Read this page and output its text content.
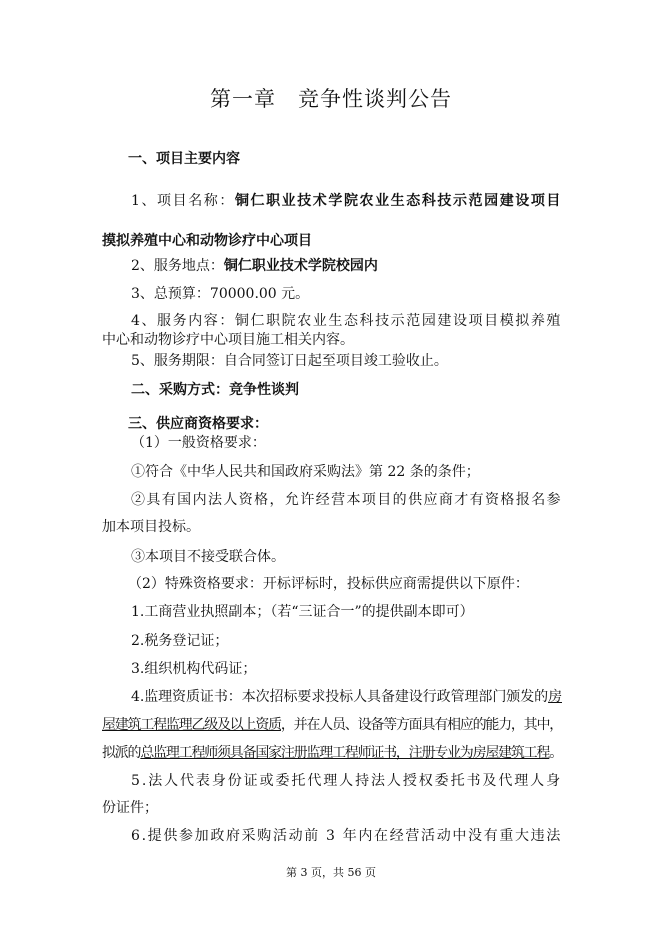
第一章　竞争性谈判公告
一、项目主要内容
1、项目名称：铜仁职业技术学院农业生态科技示范园建设项目
摸拟养殖中心和动物诊疗中心项目
2、服务地点：铜仁职业技术学院校园内
3、总预算：70000.00 元。
4、服务内容：铜仁职院农业生态科技示范园建设项目模拟养殖
中心和动物诊疗中心项目施工相关内容。
5、服务期限：自合同签订日起至项目竣工验收止。
二、采购方式：竞争性谈判
三、供应商资格要求：
（1）一般资格要求：
①符合《中华人民共和国政府采购法》第 22 条的条件；
②具有国内法人资格，允许经营本项目的供应商才有资格报名参
加本项目投标。
③本项目不接受联合体。
（2）特殊资格要求：开标评标时，投标供应商需提供以下原件：
1.工商营业执照副本；（若“三证合一”的提供副本即可）
2.税务登记证；
3.组织机构代码证；
4.监理资质证书：本次招标要求投标人具备建设行政管理部门颁发的房
屋建筑工程监理乙级及以上资质，并在人员、设备等方面具有相应的能力，其中，
拟派的总监理工程师须具备国家注册监理工程师证书，注册专业为房屋建筑工程。
5.法人代表身份证或委托代理人持法人授权委托书及代理人身
份证件；
6.提供参加政府采购活动前 3 年内在经营活动中没有重大违法
第 3 页，共 56 页
